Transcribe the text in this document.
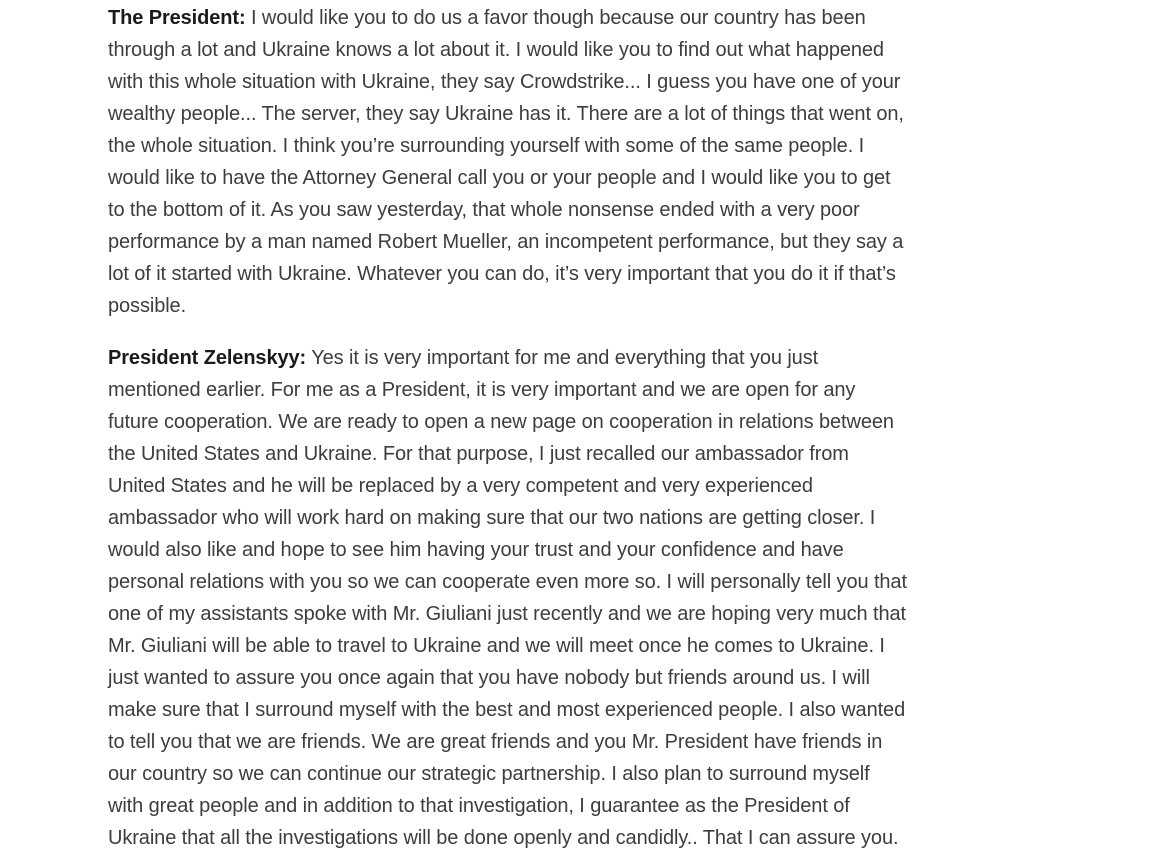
The President: I would like you to do us a favor though because our country has been
through a lot and Ukraine knows a lot about it. I would like you to find out what happened
with this whole situation with Ukraine, they say Crowdstrike... I guess you have one of your
wealthy people... The server, they say Ukraine has it. There are a lot of things that went on,
the whole situation. I think you’re surrounding yourself with some of the same people. I
would like to have the Attorney General call you or your people and I would like you to get
to the bottom of it. As you saw yesterday, that whole nonsense ended with a very poor
performance by a man named Robert Mueller, an incompetent performance, but they say a
lot of it started with Ukraine. Whatever you can do, it’s very important that you do it if that’s
possible.

President Zelenskyy: Yes it is very important for me and everything that you just
mentioned earlier. For me as a President, it is very important and we are open for any
future cooperation. We are ready to open a new page on cooperation in relations between
the United States and Ukraine. For that purpose, I just recalled our ambassador from
United States and he will be replaced by a very competent and very experienced
ambassador who will work hard on making sure that our two nations are getting closer. I
would also like and hope to see him having your trust and your confidence and have
personal relations with you so we can cooperate even more so. I will personally tell you that
one of my assistants spoke with Mr. Giuliani just recently and we are hoping very much that
Mr. Giuliani will be able to travel to Ukraine and we will meet once he comes to Ukraine. I
just wanted to assure you once again that you have nobody but friends around us. I will
make sure that I surround myself with the best and most experienced people. I also wanted
to tell you that we are friends. We are great friends and you Mr. President have friends in
our country so we can continue our strategic partnership. I also plan to surround myself
with great people and in addition to that investigation, I guarantee as the President of
Ukraine that all the investigations will be done openly and candidly.. That I can assure you.
